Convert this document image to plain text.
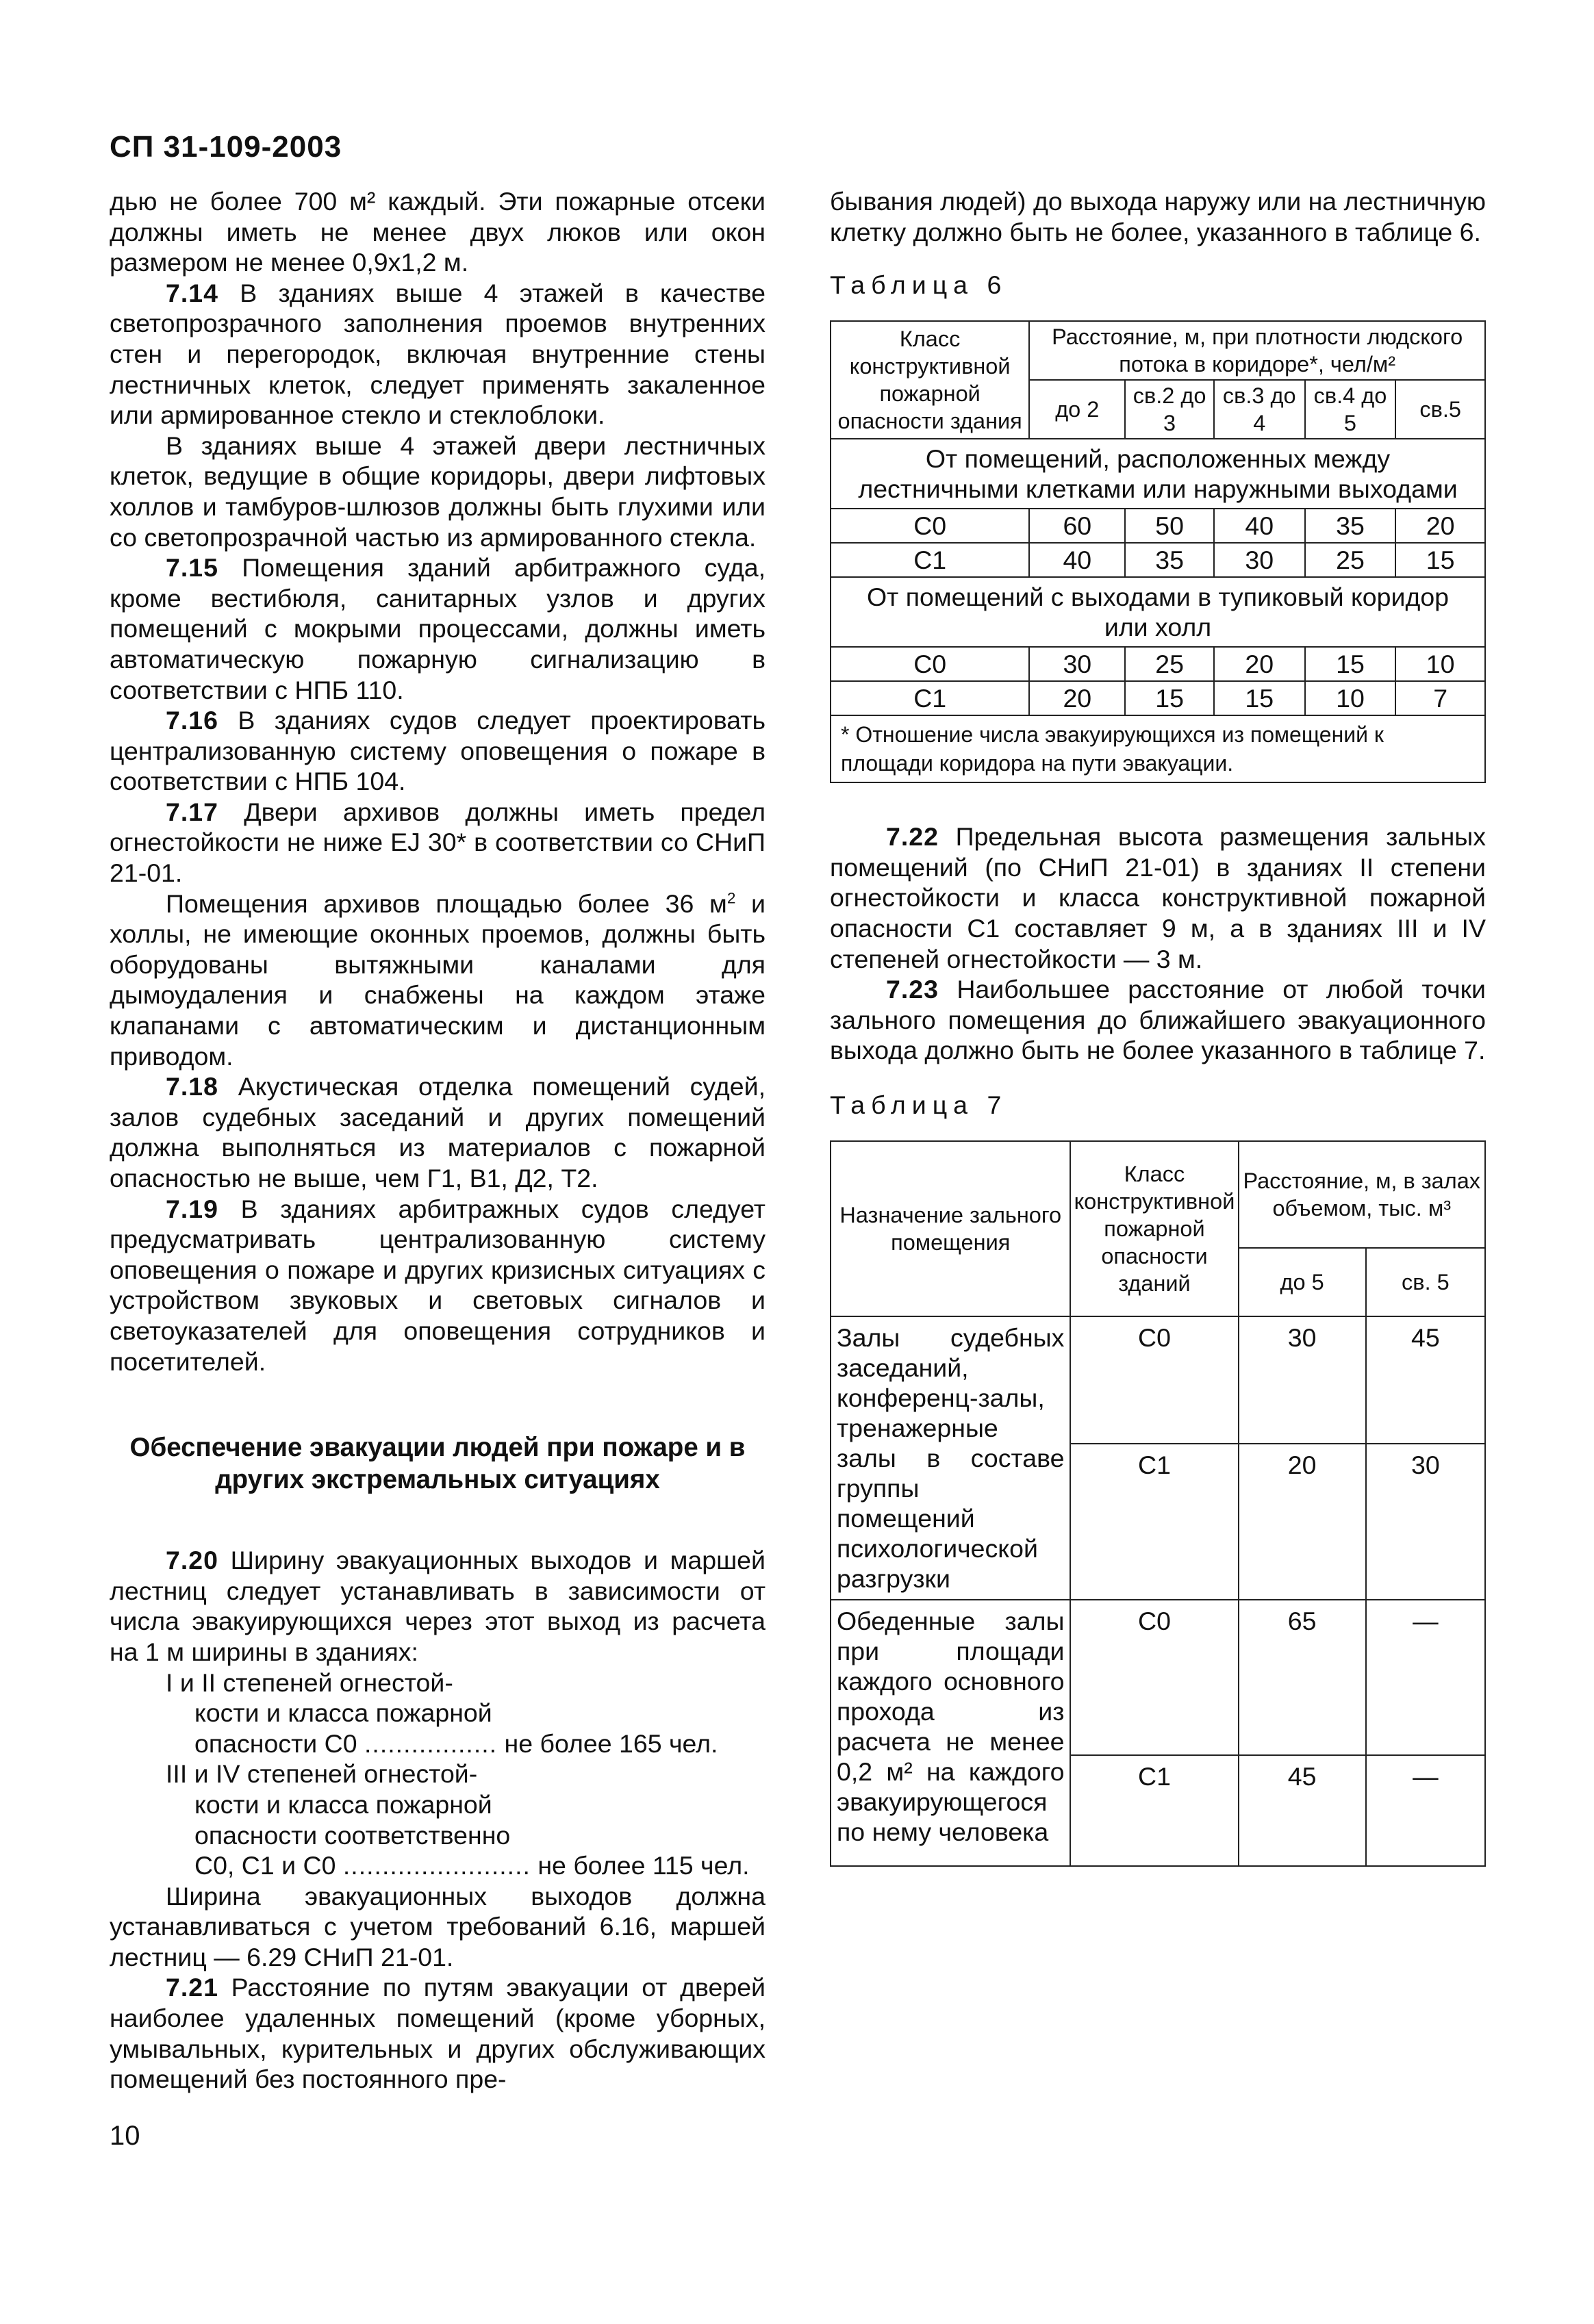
СП 31-109-2003

дью не более 700 м² каждый. Эти пожарные отсеки должны иметь не менее двух люков или окон размером не менее 0,9х1,2 м.

7.14 В зданиях выше 4 этажей в качестве светопрозрачного заполнения проемов внутренних стен и перегородок, включая внутренние стены лестничных клеток, следует применять закаленное или армированное стекло и стеклоблоки.

В зданиях выше 4 этажей двери лестничных клеток, ведущие в общие коридоры, двери лифтовых холлов и тамбуров-шлюзов должны быть глухими или со светопрозрачной частью из армированного стекла.

7.15 Помещения зданий арбитражного суда, кроме вестибюля, санитарных узлов и других помещений с мокрыми процессами, должны иметь автоматическую пожарную сигнализацию в соответствии с НПБ 110.

7.16 В зданиях судов следует проектировать централизованную систему оповещения о пожаре в соответствии с НПБ 104.

7.17 Двери архивов должны иметь предел огнестойкости не ниже EJ 30* в соответствии со СНиП 21-01.

Помещения архивов площадью более 36 $м^2$ и холлы, не имеющие оконных проемов, должны быть оборудованы вытяжными каналами для дымоудаления и снабжены на каждом этаже клапанами с автоматическим и дистанционным приводом.

7.18 Акустическая отделка помещений судей, залов судебных заседаний и других помещений должна выполняться из материалов с пожарной опасностью не выше, чем Г1, В1, Д2, Т2.

7.19 В зданиях арбитражных судов следует предусматривать централизованную систему оповещения о пожаре и других кризисных ситуациях с устройством звуковых и световых сигналов и светоуказателей для оповещения сотрудников и посетителей.

Обеспечение эвакуации людей при пожаре и в других экстремальных ситуациях

7.20 Ширину эвакуационных выходов и маршей лестниц следует устанавливать в зависимости от числа эвакуирующихся через этот выход из расчета на 1 м ширины в зданиях:

I и II степеней огнестой-

кости и класса пожарной

опасности С0 ................. не более 165 чел.

III и IV степеней огнестой-

кости и класса пожарной

опасности соответственно

С0, С1 и С0 ........................ не более 115 чел.

Ширина эвакуационных выходов должна устанавливаться с учетом требований 6.16, маршей лестниц — 6.29 СНиП 21-01.

7.21 Расстояние по путям эвакуации от дверей наиболее удаленных помещений (кроме уборных, умывальных, курительных и других обслуживающих помещений без постоянного пре-

бывания людей) до выхода наружу или на лестничную клетку должно быть не более, указанного в таблице 6.

Таблица 6
Класс конструктивной пожарной опасности здания	Расстояние, м, при плотности людского потока в коридоре*, чел/м²				
	до 2	св.2 до 3	св.3 до 4	св.4 до 5	св.5
От помещений, расположенных между лестничными клетками или наружными выходами					
С0	60	50	40	35	20
С1	40	35	30	25	15
От помещений с выходами в тупиковый коридор или холл					
С0	30	25	20	15	10
С1	20	15	15	10	7
* Отношение числа эвакуирующихся из помещений к площади коридора на пути эвакуации.					

7.22 Предельная высота размещения зальных помещений (по СНиП 21-01) в зданиях II степени огнестойкости и класса конструктивной пожарной опасности С1 составляет 9 м, а в зданиях III и IV степеней огнестойкости — 3 м.

7.23 Наибольшее расстояние от любой точки зального помещения до ближайшего эвакуационного выхода должно быть не более указанного в таблице 7.

Таблица 7
Назначение зального помещения	Класс конструктивной пожарной опасности зданий	Расстояние, м, в залах объемом, тыс. м³	
		до 5	св. 5
Залы судебных заседаний, конференц-залы, тренажерные залы в составе группы помещений психологической разгрузки	С0	30	45
	С1	20	30
Обеденные залы при площади каждого основного прохода из расчета не менее 0,2 м² на каждого эвакуирующегося по нему человека	С0	65	—
	С1	45	—
10
